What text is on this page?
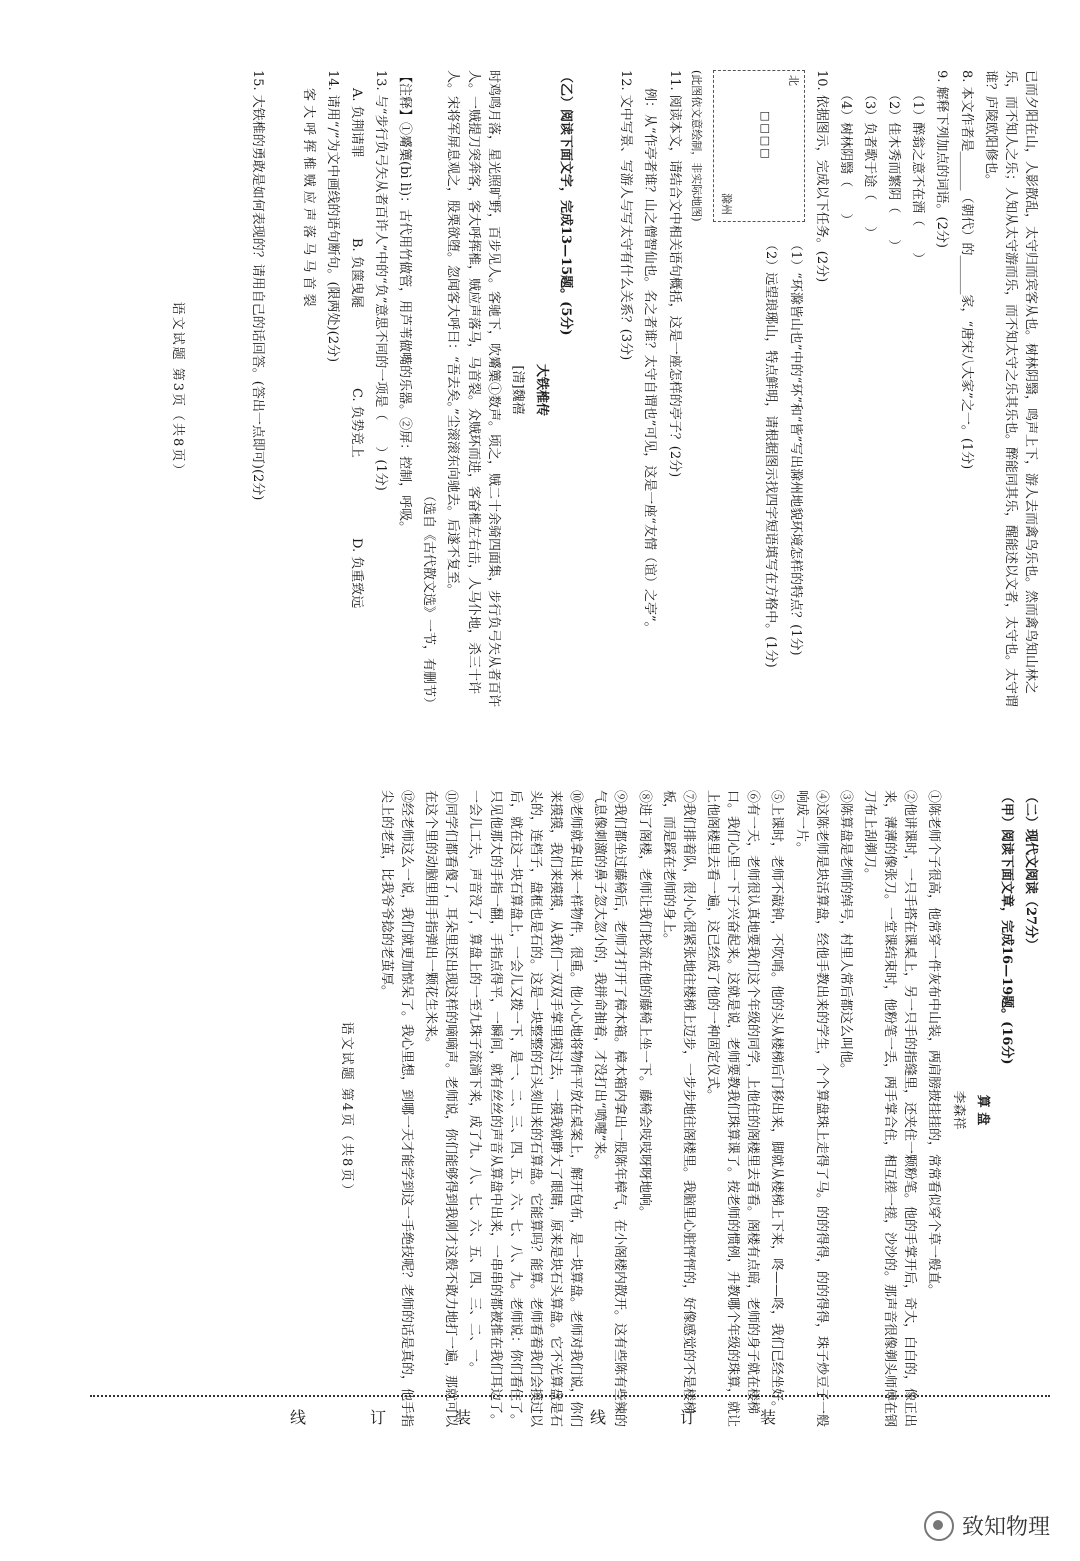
已而夕阳在山，人影散乱，太守归而宾客从也。树林阴翳，鸣声上下，游人去而禽鸟乐也。然而禽鸟知山林之乐，而不知人之乐；人知从太守游而乐，而不知太守之乐其乐也。醉能同其乐，醒能述以文者，太守也。太守谓谁？庐陵欧阳修也。

8. 本文作者是______（朝代）的______家，“唐宋八大家”之一。(1分)

9. 解释下列加点的词语。(2分)

（1）醉翁之意不在酒（　　）

（2）佳木秀而繁阴（　　）

（3）负者歌于途（　　）

（4）树林阴翳（　　）

10. 依据图示，完成以下任务。(2分)

北
□□□□
滁州

（1）“环滁皆山也”中的“环”和“皆”写出滁州地貌环境怎样的特点？(1分)

（2）远望琅琊山，特点鲜明，请根据图示找四字短语填写在方格中。(1分)

(此图依文意绘制，非实际地图)

11. 阅读本文，请结合文中相关语句概括，这是一座怎样的亭子？(2分)

例：从“作亭者谁？山之僧智仙也。名之者谁？太守自谓也”可见，这是一座“友情（谊）之亭”。

12. 文中写景、写游人与写太守有什么关系？(3分)

（乙）阅读下面文字，完成13—15题。(5分)

大铁椎传

[清]魏禧

时鸡鸣月落，星光照旷野，百步见人。客驰下，吹觱篥①数声。顷之，贼二十余骑四面集，步行负弓矢从者百许人。一贼提刀突奔客，客大呼挥椎，贼应声落马，马首裂。众贼环而进，客奋椎左右击，人马仆地，杀三十许人。宋将军屏息观之，股栗欲堕。忽闻客大呼曰：“吾去矣。”尘滚滚东向驰去。后遂不复至。

（选自《古代散文选》一节，有删节）

【注释】①觱篥(bì lì)：古代用竹做管，用芦苇做嘴的乐器。②屏：控制，呼吸。

13. 与“步行负弓矢从者百许人”中的“负”意思不同的一项是（　　）(1分)

A. 负荆请罪B. 负箧曳屣C. 负势竞上D. 负重致远

14. 请用“/”为文中画线的语句断句。(限两处)(2分)

客 大 呼 挥 椎 贼 应 声 落 马 马 首 裂

15. 大铁椎的勇敢是如何表现的？请用自己的话回答。(答出一点即可)(2分)

语文试题 第3页（共8页）

（二）现代文阅读（27分）

（甲）阅读下面文章，完成16—19题。(16分)

算 盘

李森祥

①陈老师个子很高，他常穿一件灰布中山装，两肩膀披挂挂的，常常看似穿个草一般直。

②他讲课时，一只手搭在课桌上，另一只手的指缝里，还夹住一颗粉笔。他的手掌开后，奇大，白白的，像正出来，薄薄的像张刀。一堂课结束时，他粉笔一丢，两手掌合住，相互搓一搓，沙沙的。那声音很像剃头师傅在钢刀布上刮剃刀。

③陈算盘是老师的绰号，村里人常后都这么叫他。

④这陈老师是块活算盘，经他手教出来的学生，个个算盘珠上走得了马。的的得得，的的得得，珠子炒豆子一般响成一片。

⑤上课时，老师不敲钟，不吹哨。他的头从楼梯后门移出来，脚就从楼梯上下来，咚——咚，我们已经坐好。

⑥有一天，老师很认真地要我们这个年级的同学，上他住的阁楼里去看看。阁楼有点暗，老师的身子就在楼梯口。我们心里一下子兴奋起来。这就是说，老师要教我们珠算课了。按老师的惯例，升教哪个年级的珠算，就让上他阁楼里去看一遍，这已经成了他的一种固定仪式。

⑦我们排着队，很小心很紧张地往楼梯上迈步，一步步地往阁楼里。我脑里心脏怦怦的，好像感觉的不是楼梯板，而是踩在老师的身上。

⑧进了阁楼，老师让我们轮流在他的藤椅上坐一下。藤椅会吱吱呀呀地响。

⑨我们都坐过藤椅后，老师才打开了樟木箱。樟木箱内拿出一股陈年樟气，在小阁楼内散开。这有些陈有些辣的气息像刺激的鼻子忽大忽小的，我拼命抽着，才没打出“喷嚏”来。

⑩老师就拿出来一样物件，很重。他小心地将物件平放在桌案上，解开包布，是一块算盘。老师对我们说，你们来摸摸，我们来摸摸，从我们一双双手掌里摸过去，一摸我就睁大了眼睛，原来是块石头算盘。它不光算盘是石头的，连档子，盘框也是石的。这是一块整整的石头刻出来的石算盘。它能算吗？能算。老师看着我们会摸过以后，就在这一块石算盘上，一会儿又拨一下，是一、二、三、四、五、六、七、八、九。老师说：你们看住了。只见他那大的手指一翻，手指点得平，一瞬间，就有丝丝的声音从算盘中出来，一串串的都被推在我们耳边了。一会儿工夫，声音没了，算盘上的一至九珠子流淌下来，成了九、八、七、六、五、四、三、二、一。

⑪同学们都看傻了，耳朵里还出现这样的嘀嘀声。老师说，你们能够得到我刚才这般不敢力地打一遍，那就可以在这个里的动脑里用手指弹出一颗花生米来。

⑫经老师这么一说，我们就更加惊呆了。我心里想，到哪一天才能学到这一手绝技呢？老师的话是真的，他手指尖上的老茧，比我爷爷捻的老茧厚。

语文试题 第4页（共8页）

线	订	装	线	订	装
致知物理
